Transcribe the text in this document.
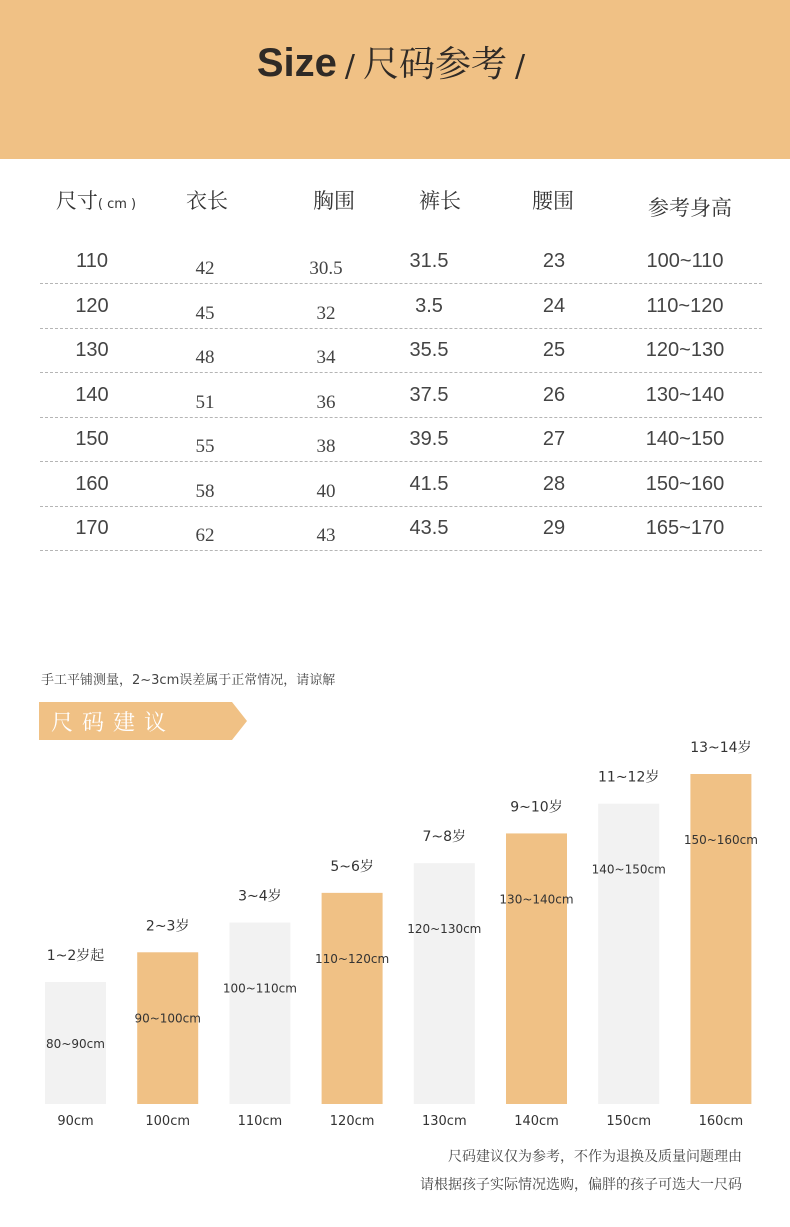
Size / 尺码参考 /
尺寸( cm ) 衣长	胸围	裤长	腰围	参考身高
110	42	30.5	31.5	23	100~110
120	45	32	3.5	24	110~120
130	48	34	35.5	25	120~130
140	51	36	37.5	26	130~140
150	55	38	39.5	27	140~150
160	58	40	41.5	28	150~160
170	62	43	43.5	29	165~170
手工平铺测量，2~3cm误差属于正常情况，请谅解
尺码建议
1~2岁起
80~90cm
90cm
2~3岁
90~100cm
100cm
3~4岁
100~110cm
110cm
5~6岁
110~120cm
120cm
7~8岁
120~130cm
130cm
9~10岁
130~140cm
140cm
11~12岁
140~150cm
150cm
13~14岁
150~160cm
160cm
尺码建议仅为参考，不作为退换及质量问题理由
请根据孩子实际情况选购，偏胖的孩子可选大一尺码
